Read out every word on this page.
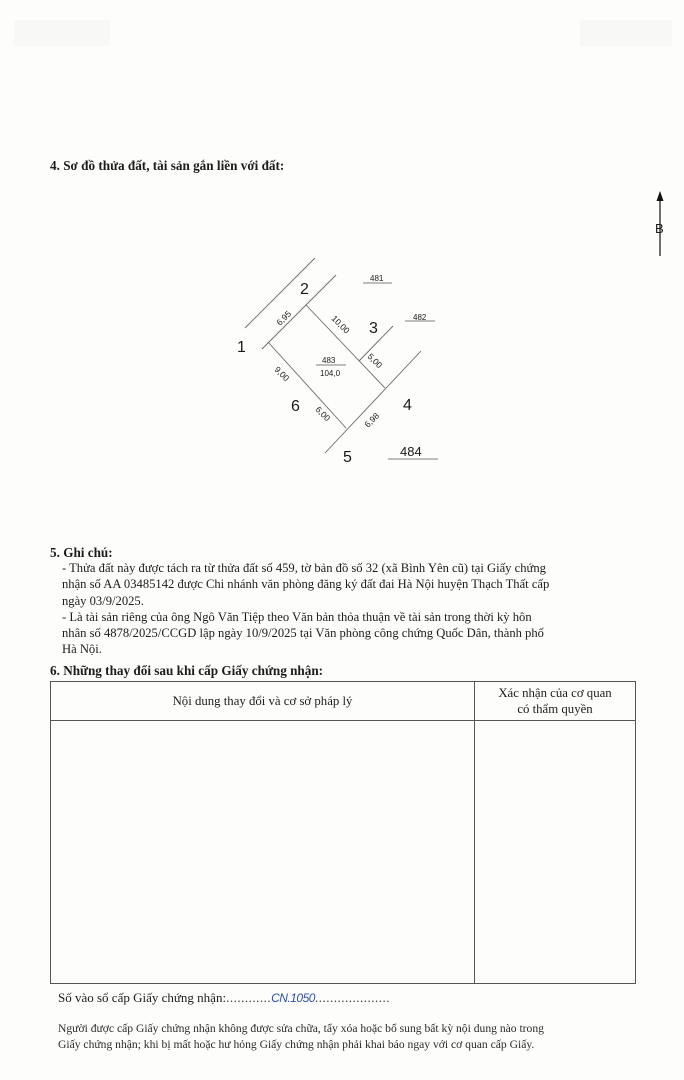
4. Sơ đồ thửa đất, tài sản gắn liền với đất:
B
481
482
484
483
104,0
1
2
3
4
5
6
6,95	10,00
5,00
6,98
6,00
9,00
5. Ghi chú:

- Thửa đất này được tách ra từ thửa đất số 459, tờ bản đồ số 32 (xã Bình Yên cũ) tại Giấy chứng

nhận số AA 03485142 được Chi nhánh văn phòng đăng ký đất đai Hà Nội huyện Thạch Thất cấp

ngày 03/9/2025.

- Là tài sản riêng của ông Ngô Văn Tiệp theo Văn bản thỏa thuận về tài sản trong thời kỳ hôn

nhân số 4878/2025/CCGD lập ngày 10/9/2025 tại Văn phòng công chứng Quốc Dân, thành phố

Hà Nội.

6. Những thay đổi sau khi cấp Giấy chứng nhận:
Nội dung thay đổi và cơ sở pháp lý	Xác nhận của cơ quan
có thẩm quyền

Số vào sổ cấp Giấy chứng nhận:............CN.1050....................

Người được cấp Giấy chứng nhận không được sửa chữa, tẩy xóa hoặc bổ sung bất kỳ nội dung nào trong

Giấy chứng nhận; khi bị mất hoặc hư hỏng Giấy chứng nhận phải khai báo ngay với cơ quan cấp Giấy.
